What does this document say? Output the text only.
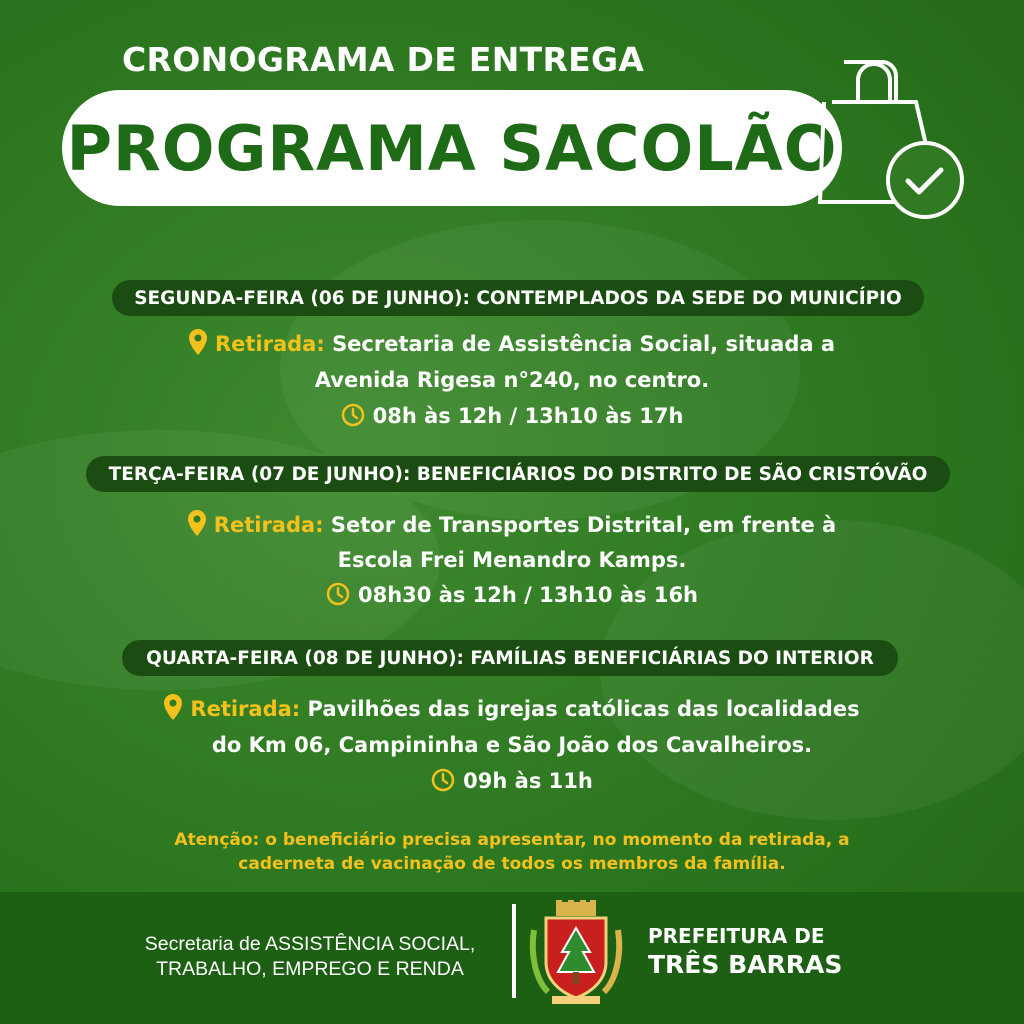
CRONOGRAMA DE ENTREGA
PROGRAMA SACOLÃO
SEGUNDA-FEIRA (06 DE JUNHO): CONTEMPLADOS DA SEDE DO MUNICÍPIO
Retirada: Secretaria de Assistência Social, situada a
Avenida Rigesa n°240, no centro.
08h às 12h / 13h10 às 17h
TERÇA-FEIRA (07 DE JUNHO): BENEFICIÁRIOS DO DISTRITO DE SÃO CRISTÓVÃO
Retirada: Setor de Transportes Distrital, em frente à
Escola Frei Menandro Kamps.
08h30 às 12h / 13h10 às 16h
QUARTA-FEIRA (08 DE JUNHO): FAMÍLIAS BENEFICIÁRIAS DO INTERIOR
Retirada: Pavilhões das igrejas católicas das localidades
do Km 06, Campininha e São João dos Cavalheiros.
09h às 11h
Atenção: o beneficiário precisa apresentar, no momento da retirada, a
caderneta de vacinação de todos os membros da família.
Secretaria de ASSISTÊNCIA SOCIAL,
TRABALHO, EMPREGO E RENDA
PREFEITURA DE
TRÊS BARRAS
